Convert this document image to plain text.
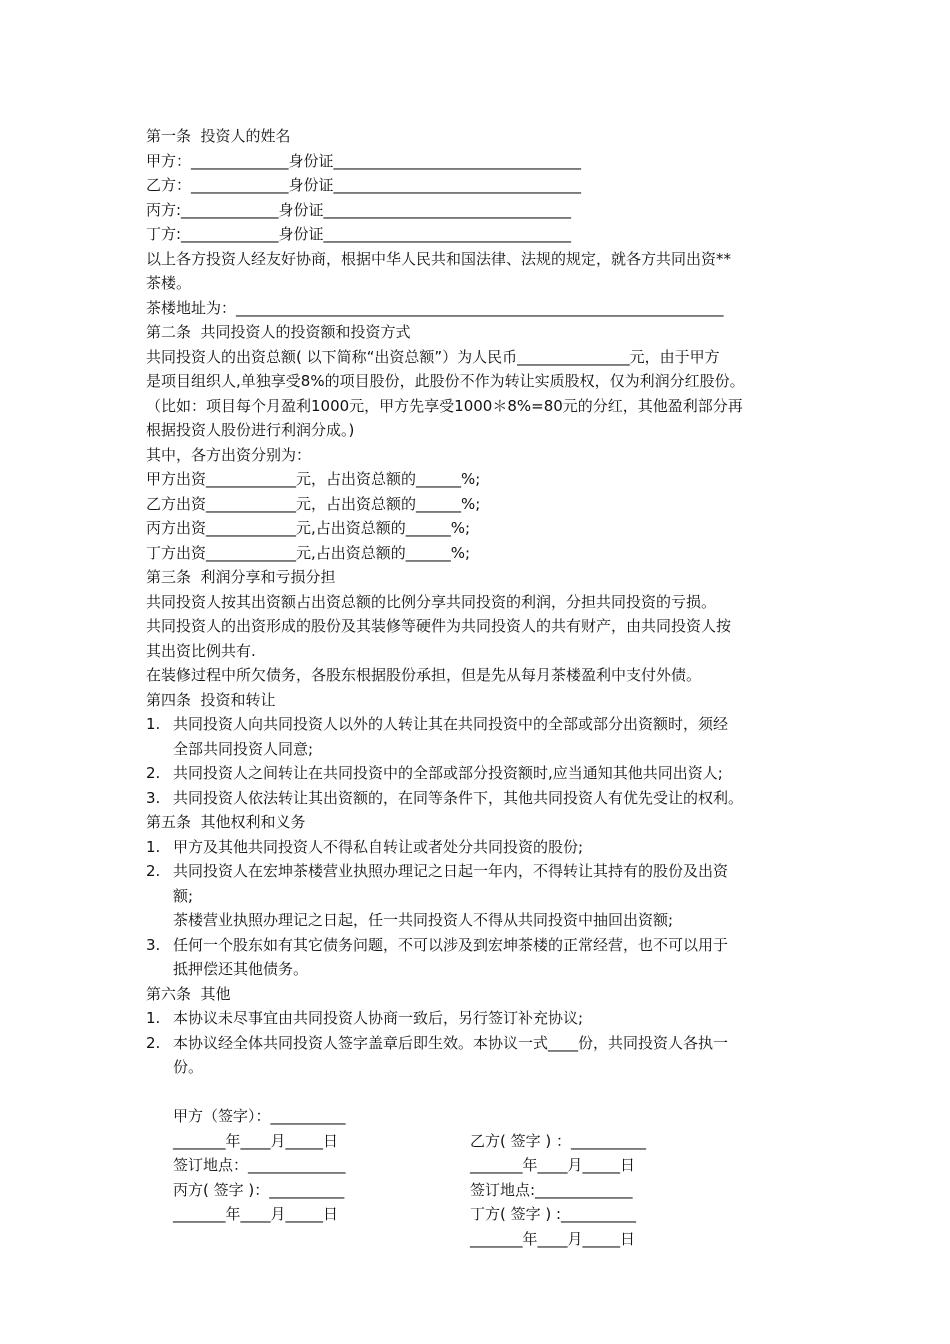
第一条  投资人的姓名
甲方：_____________身份证_________________________________
乙方：_____________身份证_________________________________
丙方:_____________身份证_________________________________
丁方:_____________身份证_________________________________
以上各方投资人经友好协商，根据中华人民共和国法律、法规的规定，就各方共同出资**
茶楼。
茶楼地址为：_________________________________________________________________
第二条  共同投资人的投资额和投资方式
共同投资人的出资总额( 以下简称“出资总额”）为人民币_______________元，由于甲方
是项目组织人,单独享受8%的项目股份，此股份不作为转让实质股权，仅为利润分红股份。
（比如：项目每个月盈利1000元，甲方先享受1000＊8%=80元的分红，其他盈利部分再
根据投资人股份进行利润分成。)
其中，各方出资分别为：
甲方出资____________元，占出资总额的______%;
乙方出资____________元，占出资总额的______%;
丙方出资____________元,占出资总额的______%;
丁方出资____________元,占出资总额的______%;
第三条  利润分享和亏损分担
共同投资人按其出资额占出资总额的比例分享共同投资的利润，分担共同投资的亏损。
共同投资人的出资形成的股份及其装修等硬件为共同投资人的共有财产，由共同投资人按
其出资比例共有.
在装修过程中所欠债务，各股东根据股份承担，但是先从每月茶楼盈利中支付外债。
第四条  投资和转让
1. 共同投资人向共同投资人以外的人转让其在共同投资中的全部或部分出资额时，须经
全部共同投资人同意;
2. 共同投资人之间转让在共同投资中的全部或部分投资额时,应当通知其他共同出资人;
3. 共同投资人依法转让其出资额的，在同等条件下，其他共同投资人有优先受让的权利。
第五条  其他权利和义务
1. 甲方及其他共同投资人不得私自转让或者处分共同投资的股份;
2. 共同投资人在宏坤茶楼营业执照办理记之日起一年内，不得转让其持有的股份及出资
额;
茶楼营业执照办理记之日起，任一共同投资人不得从共同投资中抽回出资额;
3. 任何一个股东如有其它债务问题，不可以涉及到宏坤茶楼的正常经营，也不可以用于
抵押偿还其他债务。
第六条  其他
1. 本协议未尽事宜由共同投资人协商一致后，另行签订补充协议;
2. 本协议经全体共同投资人签字盖章后即生效。本协议一式____份，共同投资人各执一
份。

甲方（签字）：__________

乙方( 签字 ) ：__________

_______年____月_____日

_______年____月_____日

签订地点：_____________

签订地点:_____________

丙方( 签字 )：__________

丁方( 签字 ) :__________

_______年____月_____日

_______年____月_____日
